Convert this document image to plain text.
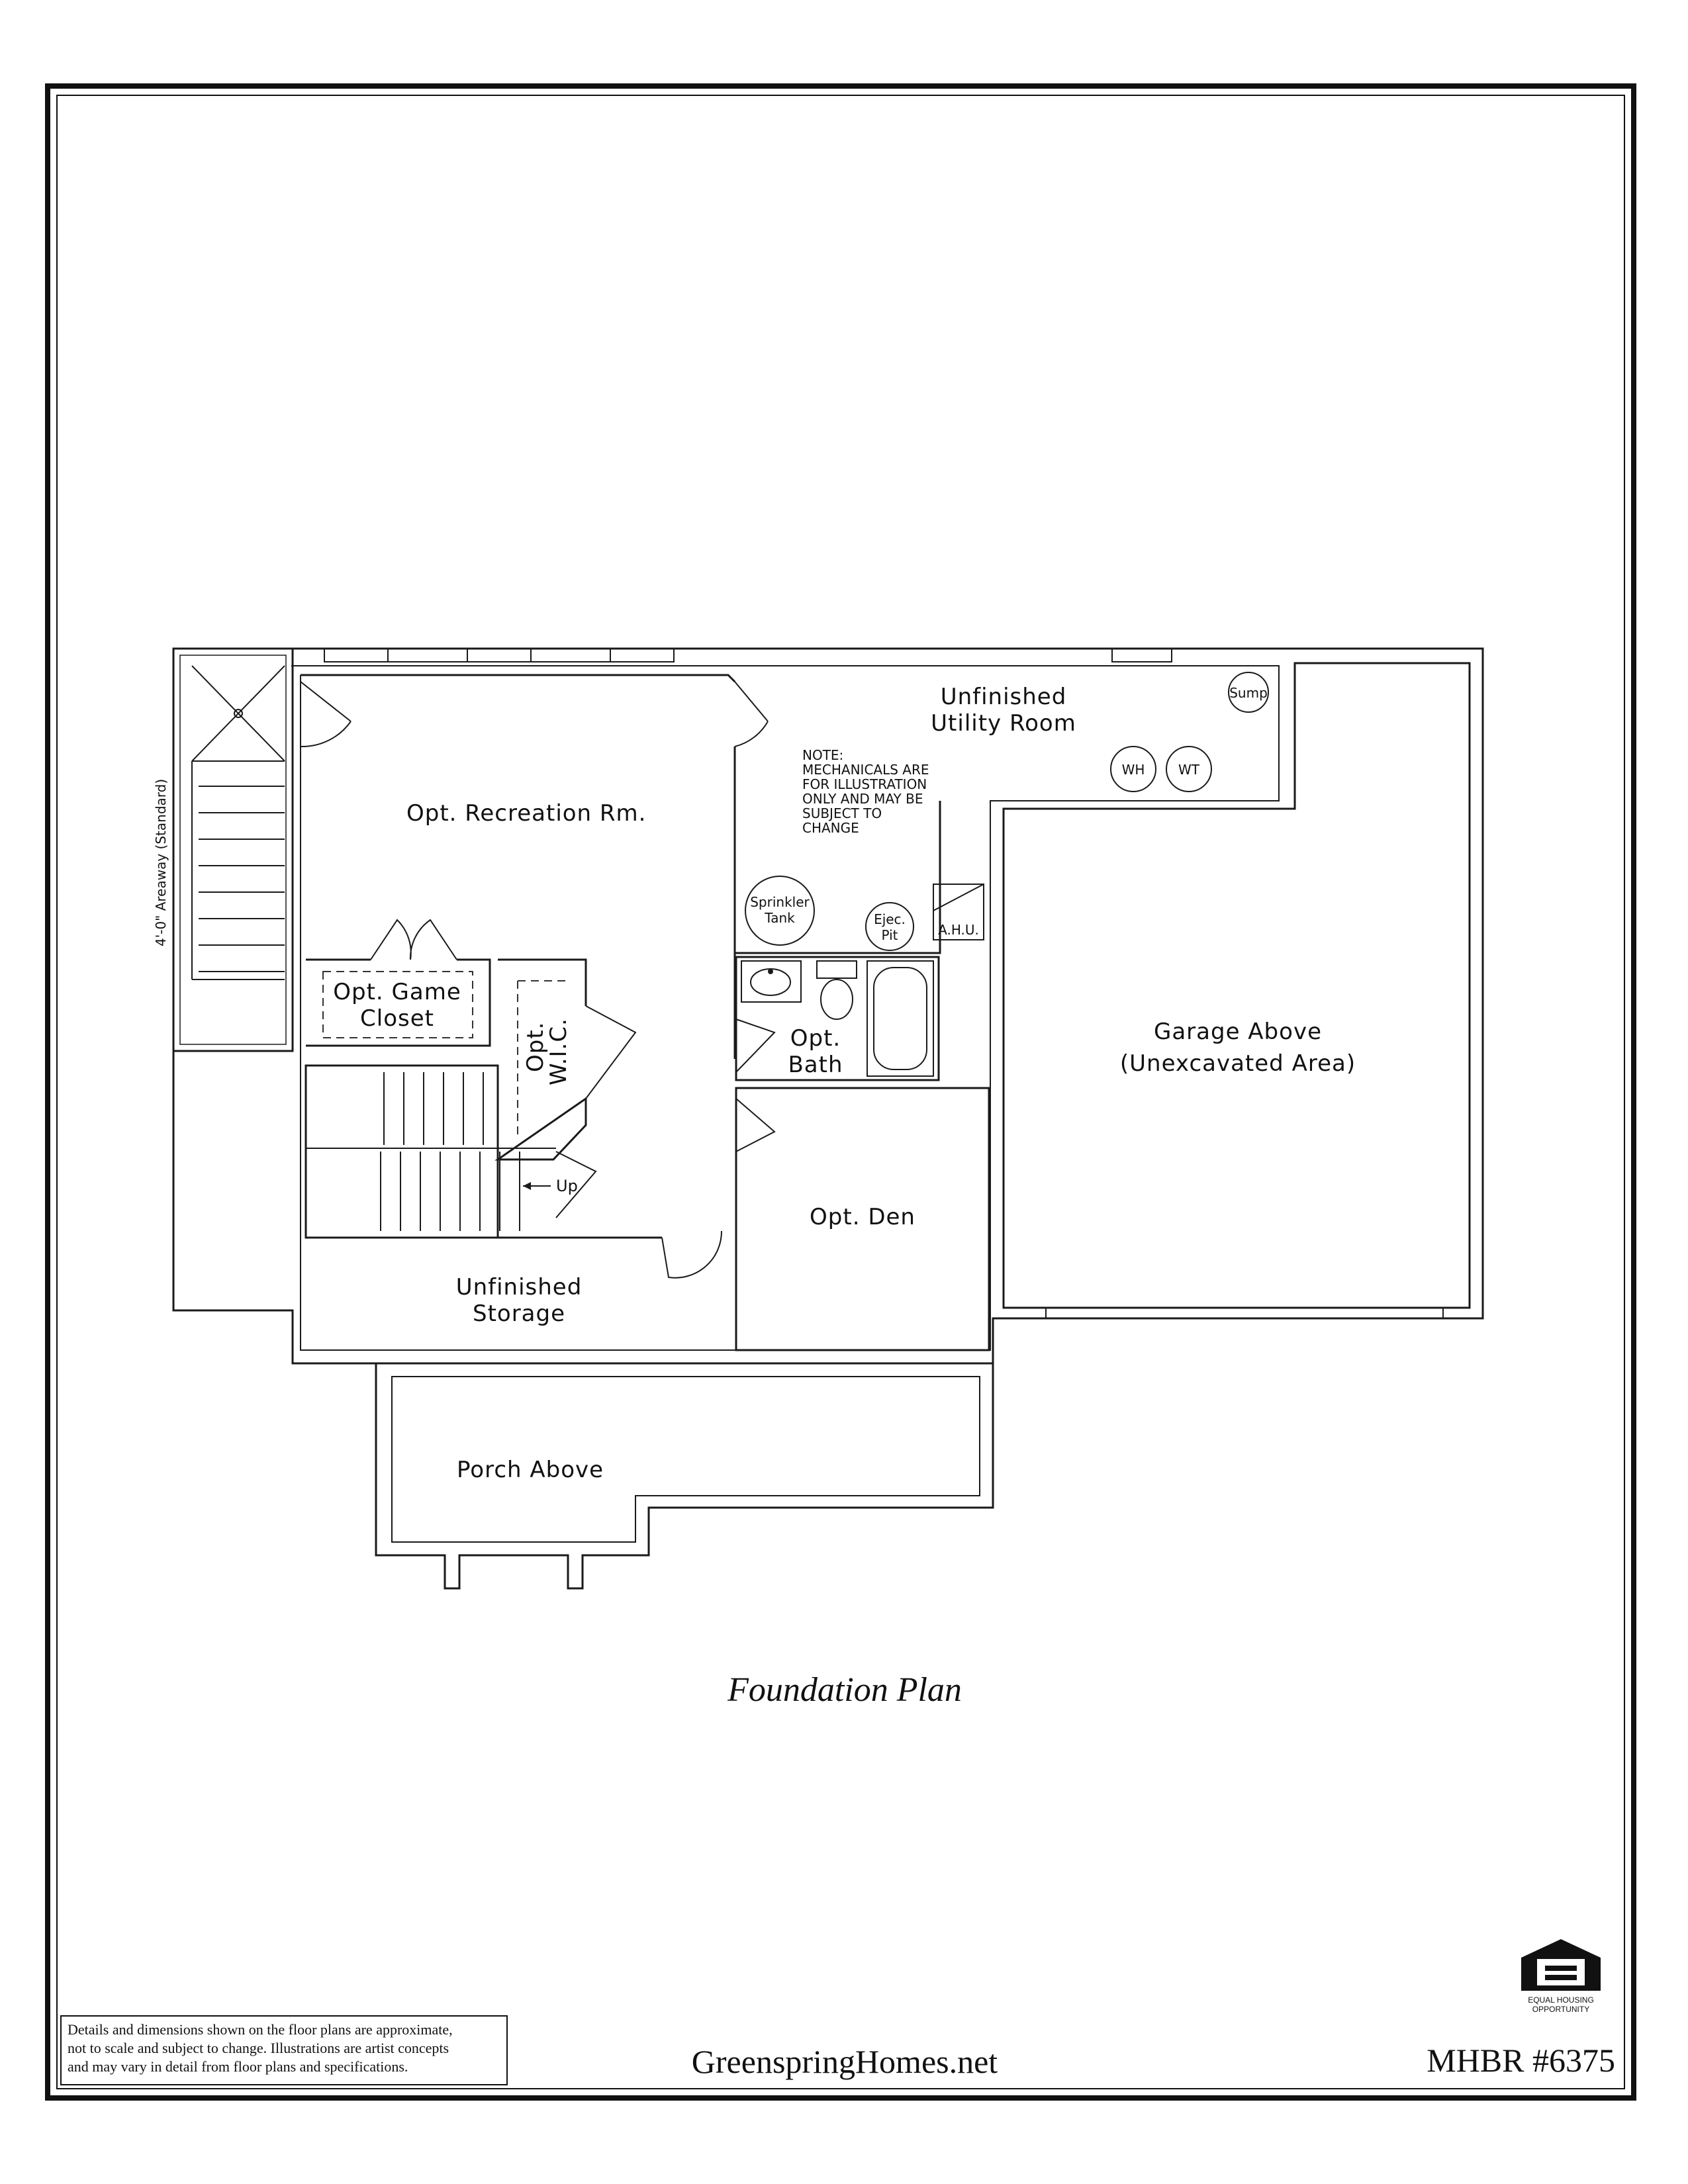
4'-0" Areaway (Standard)
Opt. Game
Closet
Opt.
W.I.C.
Up
Sump
WH	WT
Sprinkler
Tank	Ejec.
Pit	A.H.U.
Opt.
Bath
Opt. Den
Garage Above
(Unexcavated Area)
Porch Above
Opt. Recreation Rm.
Unfinished
Utility Room
Unfinished
Storage
NOTE:
MECHANICALS ARE
FOR ILLUSTRATION
ONLY AND MAY BE
SUBJECT TO
CHANGE
Foundation Plan
Details and dimensions shown on the floor plans are approximate,
not to scale and subject to change. Illustrations are artist concepts
and may vary in detail from floor plans and specifications.	GreenspringHomes.net
EQUAL HOUSING
OPPORTUNITY
MHBR #6375
